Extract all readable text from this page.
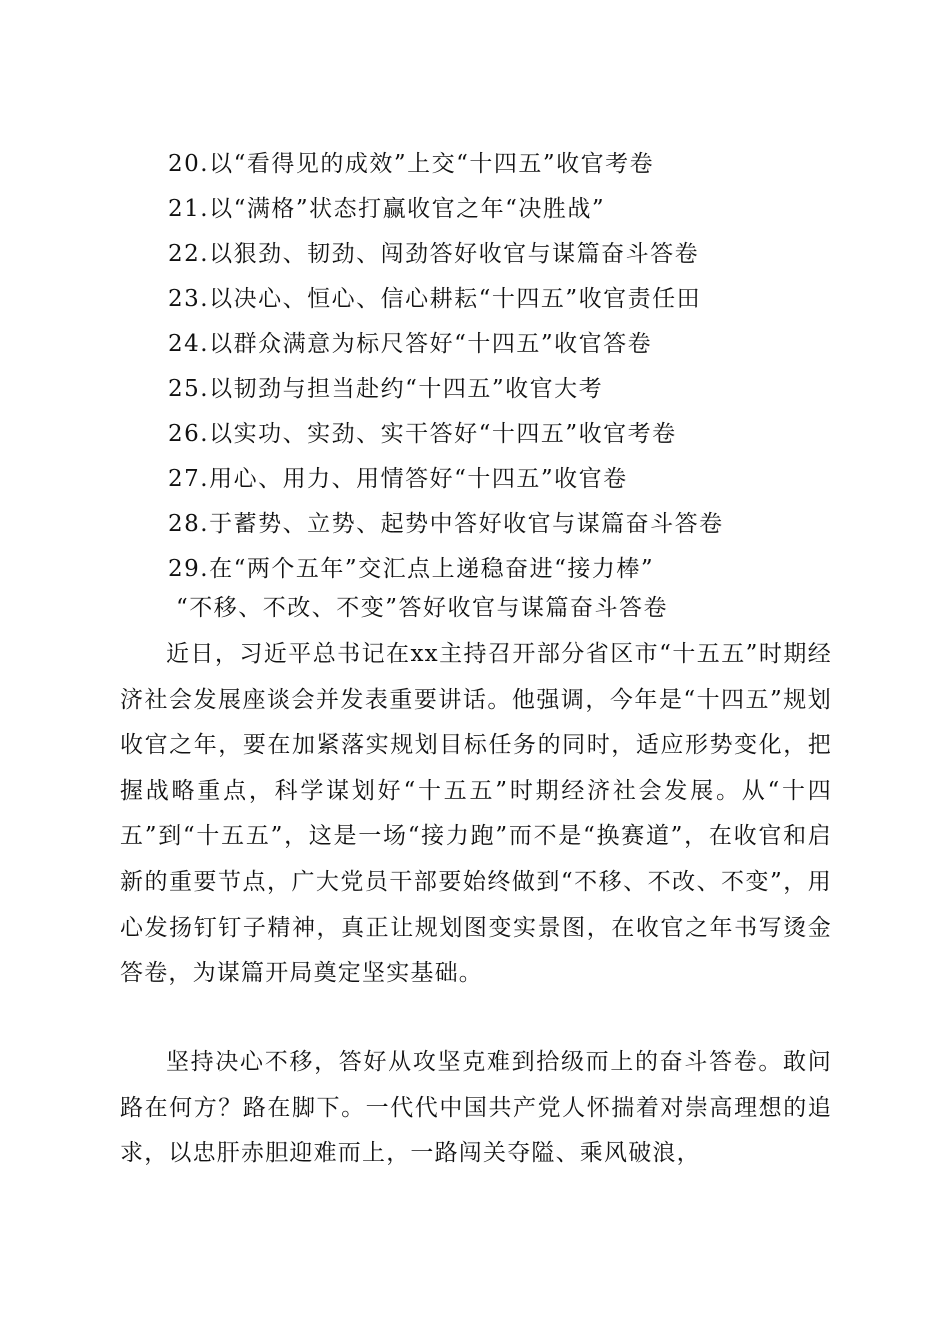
20.以“看得见的成效”上交“十四五”收官考卷
21.以“满格”状态打赢收官之年“决胜战”
22.以狠劲、韧劲、闯劲答好收官与谋篇奋斗答卷
23.以决心、恒心、信心耕耘“十四五”收官责任田
24.以群众满意为标尺答好“十四五”收官答卷
25.以韧劲与担当赴约“十四五”收官大考
26.以实功、实劲、实干答好“十四五”收官考卷
27.用心、用力、用情答好“十四五”收官卷
28.于蓄势、立势、起势中答好收官与谋篇奋斗答卷
29.在“两个五年”交汇点上递稳奋进“接力棒”
“不移、不改、不变”答好收官与谋篇奋斗答卷

近日，习近平总书记在xx主持召开部分省区市“十五五”时期经济社会发展座谈会并发表重要讲话。他强调，今年是“十四五”规划收官之年，要在加紧落实规划目标任务的同时，适应形势变化，把握战略重点，科学谋划好“十五五”时期经济社会发展。从“十四五”到“十五五”，这是一场“接力跑”而不是“换赛道”，在收官和启新的重要节点，广大党员干部要始终做到“不移、不改、不变”，用心发扬钉钉子精神，真正让规划图变实景图，在收官之年书写烫金答卷，为谋篇开局奠定坚实基础。

坚持决心不移，答好从攻坚克难到拾级而上的奋斗答卷。敢问路在何方？路在脚下。一代代中国共产党人怀揣着对崇高理想的追求，以忠肝赤胆迎难而上，一路闯关夺隘、乘风破浪，
